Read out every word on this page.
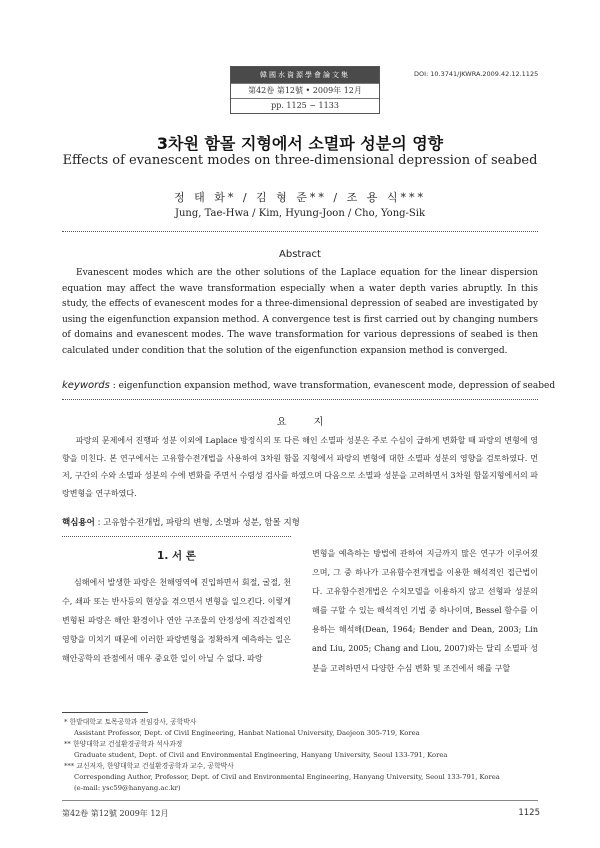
韓國水資源學會論文集
第42卷 第12號 • 2009年 12月
pp. 1125 ~ 1133
DOI: 10.3741/JKWRA.2009.42.12.1125
3차원 함몰 지형에서 소멸파 성분의 영향
Effects of evanescent modes on three-dimensional depression of seabed
정 태 화* / 김 형 준** / 조 용 식***
Jung, Tae-Hwa / Kim, Hyung-Joon / Cho, Yong-Sik
Abstract
Evanescent modes which are the other solutions of the Laplace equation for the linear dispersion equation may affect the wave transformation especially when a water depth varies abruptly. In this study, the effects of evanescent modes for a three-dimensional depression of seabed are investigated by using the eigenfunction expansion method. A convergence test is first carried out by changing numbers of domains and evanescent modes. The wave transformation for various depressions of seabed is then calculated under condition that the solution of the eigenfunction expansion method is converged.
keywords : eigenfunction expansion method, wave transformation, evanescent mode, depression of seabed
요 지
파랑의 문제에서 진행파 성분 이외에 Laplace 방정식의 또 다른 해인 소멸파 성분은 주로 수심이 급하게 변화할 때 파랑의 변형에 영향을 미친다. 본 연구에서는 고유함수전개법을 사용하여 3차원 함몰 지형에서 파랑의 변형에 대한 소멸파 성분의 영향을 검토하였다. 먼저, 구간의 수와 소멸파 성분의 수에 변화를 주면서 수렴성 검사를 하였으며 다음으로 소멸파 성분을 고려하면서 3차원 함몰지형에서의 파랑변형을 연구하였다.
핵심용어 : 고유함수전개법, 파랑의 변형, 소멸파 성분, 함몰 지형
1. 서 론
심해에서 발생한 파랑은 천해영역에 진입하면서 회절, 굴절, 천수, 쇄파 또는 반사등의 현상을 겪으면서 변형을 일으킨다. 이렇게 변형된 파랑은 해안 환경이나 연안 구조물의 안정성에 직간접적인 영향을 미치기 때문에 이러한 파랑변형을 정확하게 예측하는 일은 해안공학의 관점에서 매우 중요한 일이 아닐 수 없다. 파랑
변형을 예측하는 방법에 관하여 지금까지 많은 연구가 이루어졌으며, 그 중 하나가 고유함수전개법을 이용한 해석적인 접근법이다. 고유함수전개법은 수치모델을 이용하지 않고 선형파 성분의 해를 구할 수 있는 해석적인 기법 중 하나이며, Bessel 함수를 이용하는 해석해(Dean, 1964; Bender and Dean, 2003; Lin and Liu, 2005; Chang and Liou, 2007)와는 달리 소멸파 성분을 고려하면서 다양한 수심 변화 및 조건에서 해를 구할
* 한밭대학교 토목공학과 전임강사, 공학박사
Assistant Professor, Dept. of Civil Engineering, Hanbat National University, Daejeon 305-719, Korea
** 한양대학교 건설환경공학과 석사과정
Graduate student, Dept. of Civil and Environmental Engineering, Hanyang University, Seoul 133-791, Korea
*** 교신저자, 한양대학교 건설환경공학과 교수, 공학박사
Corresponding Author, Professor, Dept. of Civil and Environmental Engineering, Hanyang University, Seoul 133-791, Korea
(e-mail: ysc59@hanyang.ac.kr)
第42卷 第12號 2009年 12月	1125
